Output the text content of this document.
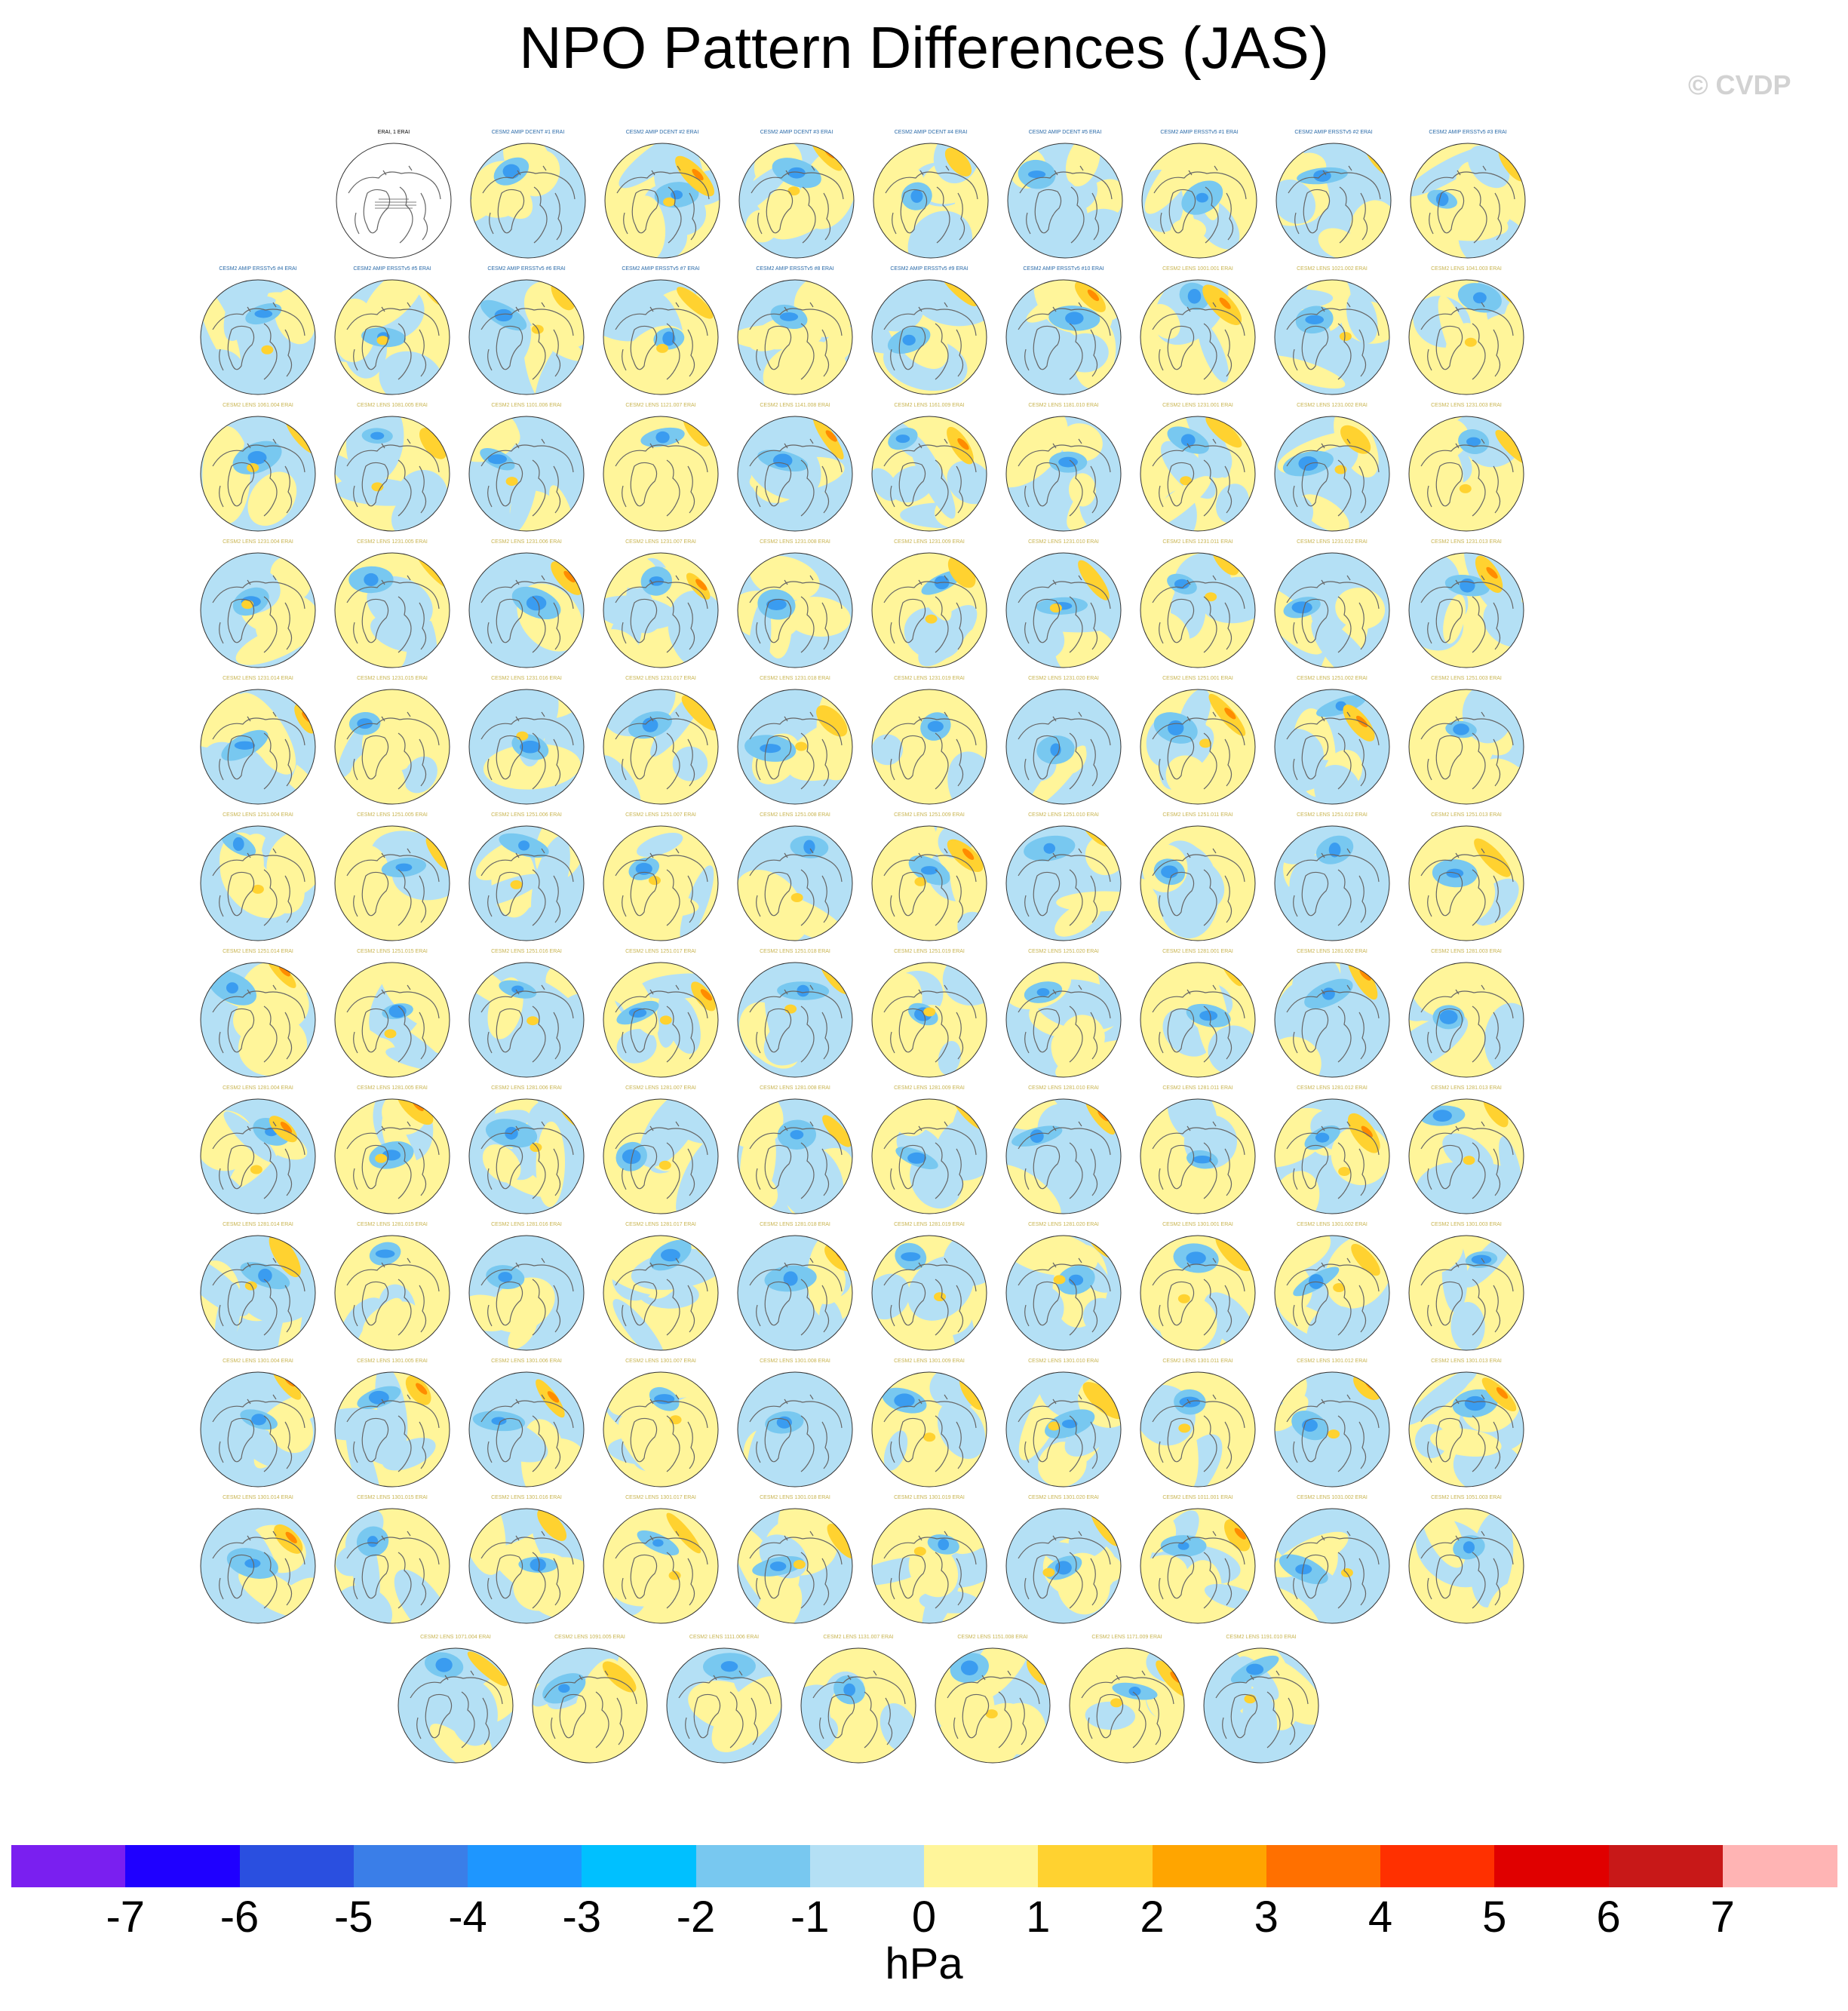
NPO Pattern Differences (JAS)
© CVDP
ERAI, 1 ERAI	CESM2 AMIP DCENT #1 ERAI	CESM2 AMIP DCENT #2 ERAI	CESM2 AMIP DCENT #3 ERAI	CESM2 AMIP DCENT #4 ERAI	CESM2 AMIP DCENT #5 ERAI	CESM2 AMIP ERSSTv5 #1 ERAI	CESM2 AMIP ERSSTv5 #2 ERAI	CESM2 AMIP ERSSTv5 #3 ERAI
CESM2 AMIP ERSSTv5 #4 ERAI	CESM2 AMIP ERSSTv5 #5 ERAI	CESM2 AMIP ERSSTv5 #6 ERAI	CESM2 AMIP ERSSTv5 #7 ERAI	CESM2 AMIP ERSSTv5 #8 ERAI	CESM2 AMIP ERSSTv5 #9 ERAI	CESM2 AMIP ERSSTv5 #10 ERAI	CESM2 LENS 1001.001 ERAI	CESM2 LENS 1021.002 ERAI	CESM2 LENS 1041.003 ERAI
CESM2 LENS 1061.004 ERAI	CESM2 LENS 1081.005 ERAI	CESM2 LENS 1101.006 ERAI	CESM2 LENS 1121.007 ERAI	CESM2 LENS 1141.008 ERAI	CESM2 LENS 1161.009 ERAI	CESM2 LENS 1181.010 ERAI	CESM2 LENS 1231.001 ERAI	CESM2 LENS 1231.002 ERAI	CESM2 LENS 1231.003 ERAI
CESM2 LENS 1231.004 ERAI	CESM2 LENS 1231.005 ERAI	CESM2 LENS 1231.006 ERAI	CESM2 LENS 1231.007 ERAI	CESM2 LENS 1231.008 ERAI	CESM2 LENS 1231.009 ERAI	CESM2 LENS 1231.010 ERAI	CESM2 LENS 1231.011 ERAI	CESM2 LENS 1231.012 ERAI	CESM2 LENS 1231.013 ERAI
CESM2 LENS 1231.014 ERAI	CESM2 LENS 1231.015 ERAI	CESM2 LENS 1231.016 ERAI	CESM2 LENS 1231.017 ERAI	CESM2 LENS 1231.018 ERAI	CESM2 LENS 1231.019 ERAI	CESM2 LENS 1231.020 ERAI	CESM2 LENS 1251.001 ERAI	CESM2 LENS 1251.002 ERAI	CESM2 LENS 1251.003 ERAI
CESM2 LENS 1251.004 ERAI	CESM2 LENS 1251.005 ERAI	CESM2 LENS 1251.006 ERAI	CESM2 LENS 1251.007 ERAI	CESM2 LENS 1251.008 ERAI	CESM2 LENS 1251.009 ERAI	CESM2 LENS 1251.010 ERAI	CESM2 LENS 1251.011 ERAI	CESM2 LENS 1251.012 ERAI	CESM2 LENS 1251.013 ERAI
CESM2 LENS 1251.014 ERAI	CESM2 LENS 1251.015 ERAI	CESM2 LENS 1251.016 ERAI	CESM2 LENS 1251.017 ERAI	CESM2 LENS 1251.018 ERAI	CESM2 LENS 1251.019 ERAI	CESM2 LENS 1251.020 ERAI	CESM2 LENS 1281.001 ERAI	CESM2 LENS 1281.002 ERAI	CESM2 LENS 1281.003 ERAI
CESM2 LENS 1281.004 ERAI	CESM2 LENS 1281.005 ERAI	CESM2 LENS 1281.006 ERAI	CESM2 LENS 1281.007 ERAI	CESM2 LENS 1281.008 ERAI	CESM2 LENS 1281.009 ERAI	CESM2 LENS 1281.010 ERAI	CESM2 LENS 1281.011 ERAI	CESM2 LENS 1281.012 ERAI	CESM2 LENS 1281.013 ERAI
CESM2 LENS 1281.014 ERAI	CESM2 LENS 1281.015 ERAI	CESM2 LENS 1281.016 ERAI	CESM2 LENS 1281.017 ERAI	CESM2 LENS 1281.018 ERAI	CESM2 LENS 1281.019 ERAI	CESM2 LENS 1281.020 ERAI	CESM2 LENS 1301.001 ERAI	CESM2 LENS 1301.002 ERAI	CESM2 LENS 1301.003 ERAI
CESM2 LENS 1301.004 ERAI	CESM2 LENS 1301.005 ERAI	CESM2 LENS 1301.006 ERAI	CESM2 LENS 1301.007 ERAI	CESM2 LENS 1301.008 ERAI	CESM2 LENS 1301.009 ERAI	CESM2 LENS 1301.010 ERAI	CESM2 LENS 1301.011 ERAI	CESM2 LENS 1301.012 ERAI	CESM2 LENS 1301.013 ERAI
CESM2 LENS 1301.014 ERAI	CESM2 LENS 1301.015 ERAI	CESM2 LENS 1301.016 ERAI	CESM2 LENS 1301.017 ERAI	CESM2 LENS 1301.018 ERAI	CESM2 LENS 1301.019 ERAI	CESM2 LENS 1301.020 ERAI	CESM2 LENS 1011.001 ERAI	CESM2 LENS 1031.002 ERAI	CESM2 LENS 1051.003 ERAI
CESM2 LENS 1071.004 ERAI	CESM2 LENS 1091.005 ERAI	CESM2 LENS 1111.006 ERAI	CESM2 LENS 1131.007 ERAI	CESM2 LENS 1151.008 ERAI	CESM2 LENS 1171.009 ERAI	CESM2 LENS 1191.010 ERAI
-7	-6	-5	-4	-3	-2	-1	0	1	2	3	4	5	6	7
hPa
